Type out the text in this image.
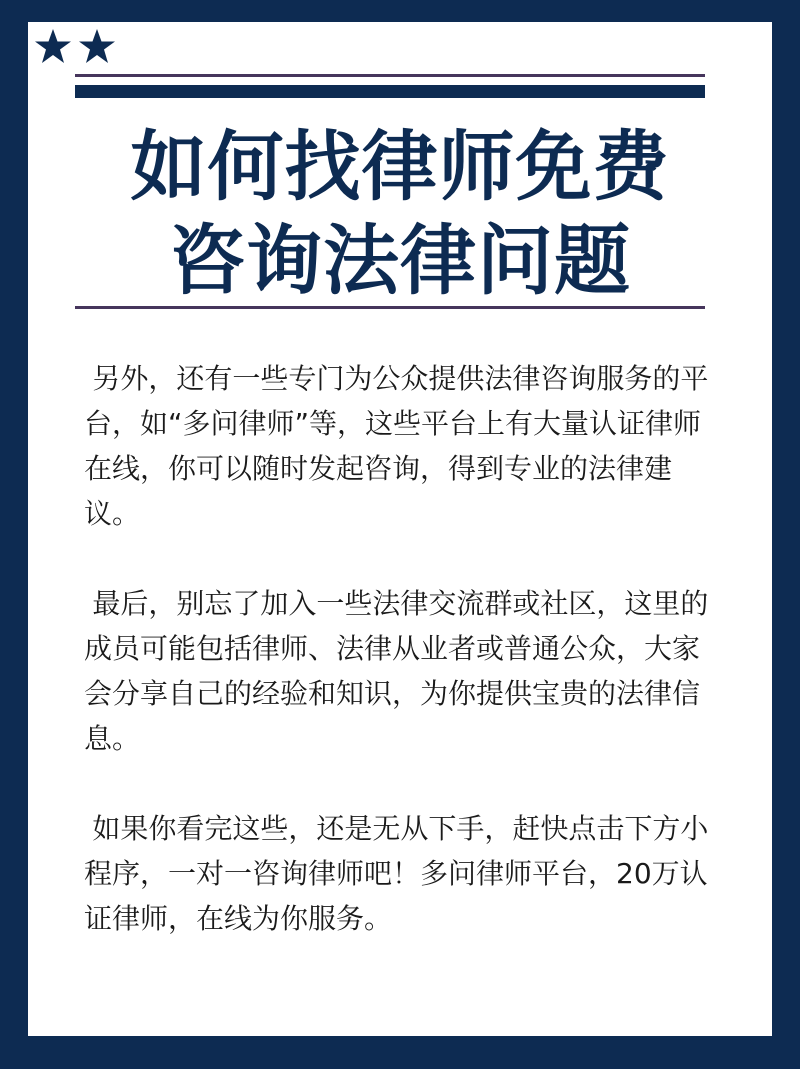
如何找律师免费
咨询法律问题

另外，还有一些专门为公众提供法律咨询服务的平台，如“多问律师”等，这些平台上有大量认证律师在线，你可以随时发起咨询，得到专业的法律建议。

最后，别忘了加入一些法律交流群或社区，这里的成员可能包括律师、法律从业者或普通公众，大家会分享自己的经验和知识，为你提供宝贵的法律信息。

如果你看完这些，还是无从下手，赶快点击下方小程序，一对一咨询律师吧！多问律师平台，20万认证律师，在线为你服务。
